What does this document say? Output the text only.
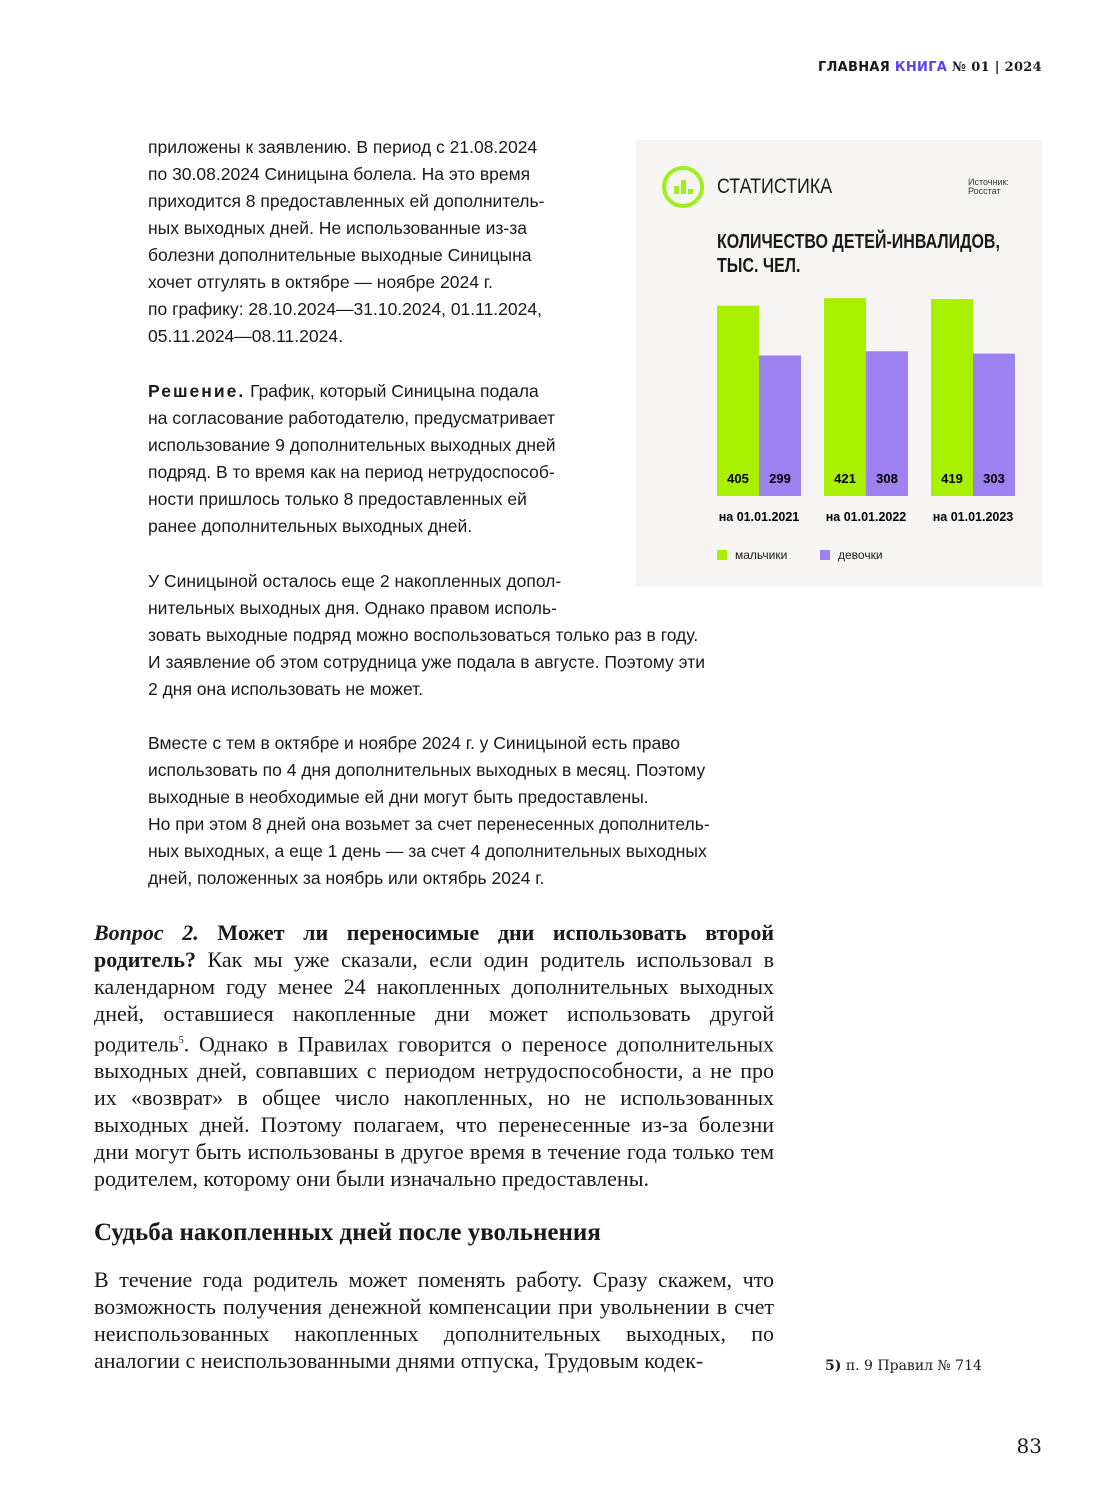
ГЛАВНАЯ КНИГА № 01 | 2024

приложены к заявлению. В период с 21.08.2024

по 30.08.2024 Синицына болела. На это время

приходится 8 предоставленных ей дополнитель-

ных выходных дней. Не использованные из-за

болезни дополнительные выходные Синицына

хочет отгулять в октябре — ноябре 2024 г.

по графику: 28.10.2024—31.10.2024, 01.11.2024,

05.11.2024—08.11.2024.

Решение. График, который Синицына подала

на согласование работодателю, предусматривает

использование 9 дополнительных выходных дней

подряд. В то время как на период нетрудоспособ-

ности пришлось только 8 предоставленных ей

ранее дополнительных выходных дней.

У Синицыной осталось еще 2 накопленных допол-

нительных выходных дня. Однако правом исполь-

зовать выходные подряд можно воспользоваться только раз в году.

И заявление об этом сотрудница уже подала в августе. Поэтому эти

2 дня она использовать не может.

Вместе с тем в октябре и ноябре 2024 г. у Синицыной есть право

использовать по 4 дня дополнительных выходных в месяц. Поэтому

выходные в необходимые ей дни могут быть предоставлены.

Но при этом 8 дней она возьмет за счет перенесенных дополнитель-

ных выходных, а еще 1 день — за счет 4 дополнительных выходных

дней, положенных за ноябрь или октябрь 2024 г.

Вопрос 2. Может ли переносимые дни использовать второй родитель? Как мы уже сказали, если один родитель использовал в календарном году менее 24 накопленных дополнительных выходных дней, оставшиеся накопленные дни может использовать другой родитель$^5$. Однако в Правилах говорится о переносе дополнительных выходных дней, совпавших с периодом нетрудоспособности, а не про их «возврат» в общее число накопленных, но не использованных выходных дней. Поэтому полагаем, что перенесенные из-за болезни дни могут быть использованы в другое время в течение года только тем родителем, которому они были изначально предоставлены.

Судьба накопленных дней после увольнения

В течение года родитель может поменять работу. Сразу скажем, что возможность получения денежной компенсации при увольнении в счет неиспользованных накопленных дополнительных выходных, по аналогии с неиспользованными днями отпуска, Трудовым кодек-	5) п. 9 Правил № 714
83
СТАТИСТИКА	Источник:
Росстат
КОЛИЧЕСТВО ДЕТЕЙ-ИНВАЛИДОВ, ТЫС. ЧЕЛ.
405 299
на 01.01.2021
421 308
на 01.01.2022
419 303
на 01.01.2023
мальчики	девочки
